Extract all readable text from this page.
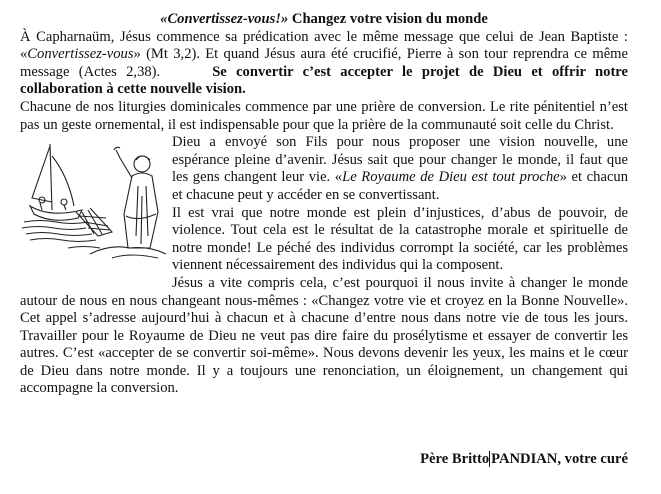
«Convertissez-vous!» Changez votre vision du monde

À Capharnaüm, Jésus commence sa prédication avec le même message que celui de Jean Baptiste : «Convertissez-vous» (Mt 3,2). Et quand Jésus aura été crucifié, Pierre à son tour reprendra ce même message (Actes 2,38).	Se convertir c’est accepter le projet de Dieu et offrir notre collaboration à cette nouvelle vision.

Chacune de nos liturgies dominicales commence par une prière de conversion. Le rite pénitentiel n’est pas un geste ornemental, il est indispensable pour que la prière de la communauté soit celle du Christ.

Dieu a envoyé son Fils pour nous proposer une vision nouvelle, une espérance pleine d’avenir. Jésus sait que pour changer le monde, il faut que les gens changent leur vie. «Le Royaume de Dieu est tout proche» et chacun et chacune peut y accéder en se convertissant.

Il est vrai que notre monde est plein d’injustices, d’abus de pouvoir, de violence. Tout cela est le résultat de la catastrophe morale et spirituelle de notre monde! Le péché des individus corrompt la société, car les problèmes viennent nécessairement des individus qui la composent.

Jésus a vite compris cela, c’est pourquoi il nous invite à changer le monde autour de nous en nous changeant nous-mêmes : «Changez votre vie et croyez en la Bonne Nouvelle». Cet appel s’adresse aujourd’hui à chacun et à chacune d’entre nous dans notre vie de tous les jours. Travailler pour le Royaume de Dieu ne veut pas dire faire du prosélytisme et essayer de convertir les autres. C’est «accepter de se convertir soi-même». Nous devons devenir les yeux, les mains et le cœur de Dieu dans notre monde. Il y a toujours une renonciation, un éloignement, un changement qui accompagne la conversion.

Père Britto PANDIAN, votre curé
